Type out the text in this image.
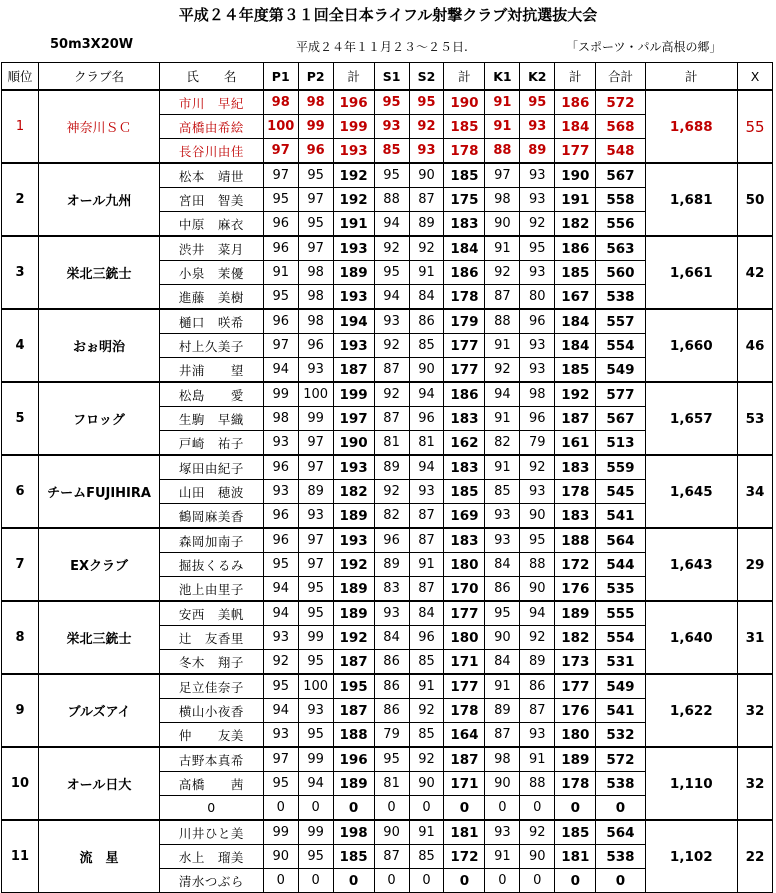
平成２４年度第３１回全日本ライフル射撃クラブ対抗選抜大会
50m3X20W	平成２４年１１月２３～２５日.	「スポーツ・パル高根の郷」
順位	クラブ名	氏　　名	P1	P2	計	S1	S2	計	K1	K2	計	合計	計	X
1	神奈川ＳＣ	市川　早紀	98	98	196	95	95	190	91	95	186	572	1,688	55
		高橋由希絵	100	99	199	93	92	185	91	93	184	568		
		長谷川由佳	97	96	193	85	93	178	88	89	177	548		
2	オール九州	松本　靖世	97	95	192	95	90	185	97	93	190	567	1,681	50
		宮田　智美	95	97	192	88	87	175	98	93	191	558		
		中原　麻衣	96	95	191	94	89	183	90	92	182	556		
3	栄北三銃士	渋井　菜月	96	97	193	92	92	184	91	95	186	563	1,661	42
		小泉　茉優	91	98	189	95	91	186	92	93	185	560		
		進藤　美樹	95	98	193	94	84	178	87	80	167	538		
4	おぉ明治	樋口　咲希	96	98	194	93	86	179	88	96	184	557	1,660	46
		村上久美子	97	96	193	92	85	177	91	93	184	554		
		井浦　　望	94	93	187	87	90	177	92	93	185	549		
5	フロッグ	松島　　愛	99	100	199	92	94	186	94	98	192	577	1,657	53
		生駒　早織	98	99	197	87	96	183	91	96	187	567		
		戸崎　祐子	93	97	190	81	81	162	82	79	161	513		
6	チームFUJIHIRA	塚田由紀子	96	97	193	89	94	183	91	92	183	559	1,645	34
		山田　穂波	93	89	182	92	93	185	85	93	178	545		
		鶴岡麻美香	96	93	189	82	87	169	93	90	183	541		
7	EXクラブ	森岡加南子	96	97	193	96	87	183	93	95	188	564	1,643	29
		掘抜くるみ	95	97	192	89	91	180	84	88	172	544		
		池上由里子	94	95	189	83	87	170	86	90	176	535		
8	栄北三銃士	安西　美帆	94	95	189	93	84	177	95	94	189	555	1,640	31
		辻　友香里	93	99	192	84	96	180	90	92	182	554		
		冬木　翔子	92	95	187	86	85	171	84	89	173	531		
9	ブルズアイ	足立佳奈子	95	100	195	86	91	177	91	86	177	549	1,622	32
		横山小夜香	94	93	187	86	92	178	89	87	176	541		
		仲　　友美	93	95	188	79	85	164	87	93	180	532		
10	オール日大	古野本真希	97	99	196	95	92	187	98	91	189	572	1,110	32
		高橋　　茜	95	94	189	81	90	171	90	88	178	538		
		0	0	0	0	0	0	0	0	0	0	0		
11	流　星	川井ひと美	99	99	198	90	91	181	93	92	185	564	1,102	22
		水上　瑠美	90	95	185	87	85	172	91	90	181	538		
		清水つぶら	0	0	0	0	0	0	0	0	0	0		
